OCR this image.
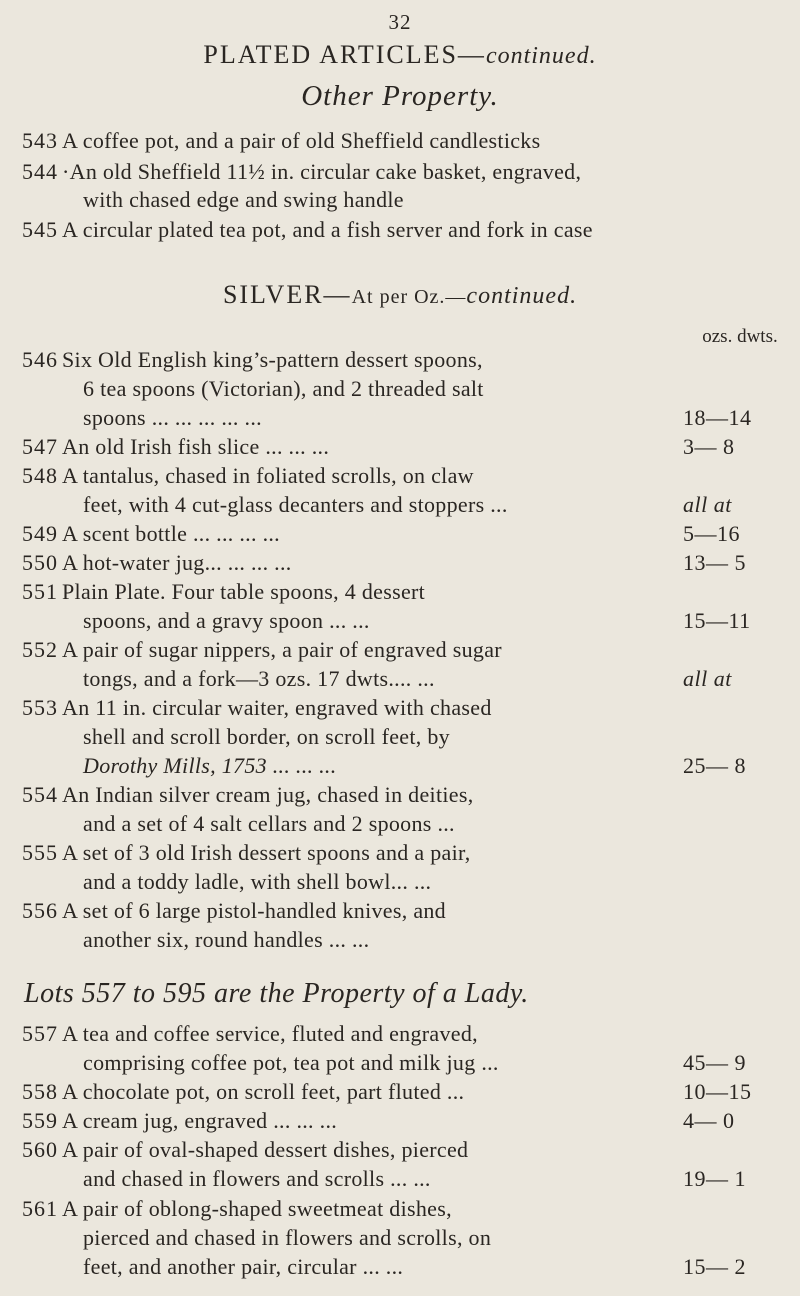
32
PLATED ARTICLES—continued.
Other Property.
543 A coffee pot, and a pair of old Sheffield candlesticks
544 ·An old Sheffield 11½ in. circular cake basket, engraved,
with chased edge and swing handle
545 A circular plated tea pot, and a fish server and fork in case
SILVER—At per Oz.—continued.
ozs. dwts.
546 Six Old English king’s-pattern dessert spoons,
6 tea spoons (Victorian), and 2 threaded salt
spoons ... ... ... ... ...	18—14
547 An old Irish fish slice ... ... ...	3— 8
548 A tantalus, chased in foliated scrolls, on claw
feet, with 4 cut-glass decanters and stoppers ...	all at
549 A scent bottle ... ... ... ...	5—16
550 A hot-water jug... ... ... ...	13— 5
551 Plain Plate. Four table spoons, 4 dessert
spoons, and a gravy spoon ... ...	15—11
552 A pair of sugar nippers, a pair of engraved sugar
tongs, and a fork—3 ozs. 17 dwts.... ...	all at
553 An 11 in. circular waiter, engraved with chased
shell and scroll border, on scroll feet, by
Dorothy Mills, 1753 ... ... ...	25— 8
554 An Indian silver cream jug, chased in deities,
and a set of 4 salt cellars and 2 spoons ...
555 A set of 3 old Irish dessert spoons and a pair,
and a toddy ladle, with shell bowl... ...
556 A set of 6 large pistol-handled knives, and
another six, round handles ... ...
Lots 557 to 595 are the Property of a Lady.
557 A tea and coffee service, fluted and engraved,
comprising coffee pot, tea pot and milk jug ...	45— 9
558 A chocolate pot, on scroll feet, part fluted ...	10—15
559 A cream jug, engraved ... ... ...	4— 0
560 A pair of oval-shaped dessert dishes, pierced
and chased in flowers and scrolls ... ...	19— 1
561 A pair of oblong-shaped sweetmeat dishes,
pierced and chased in flowers and scrolls, on
feet, and another pair, circular ... ...	15— 2
